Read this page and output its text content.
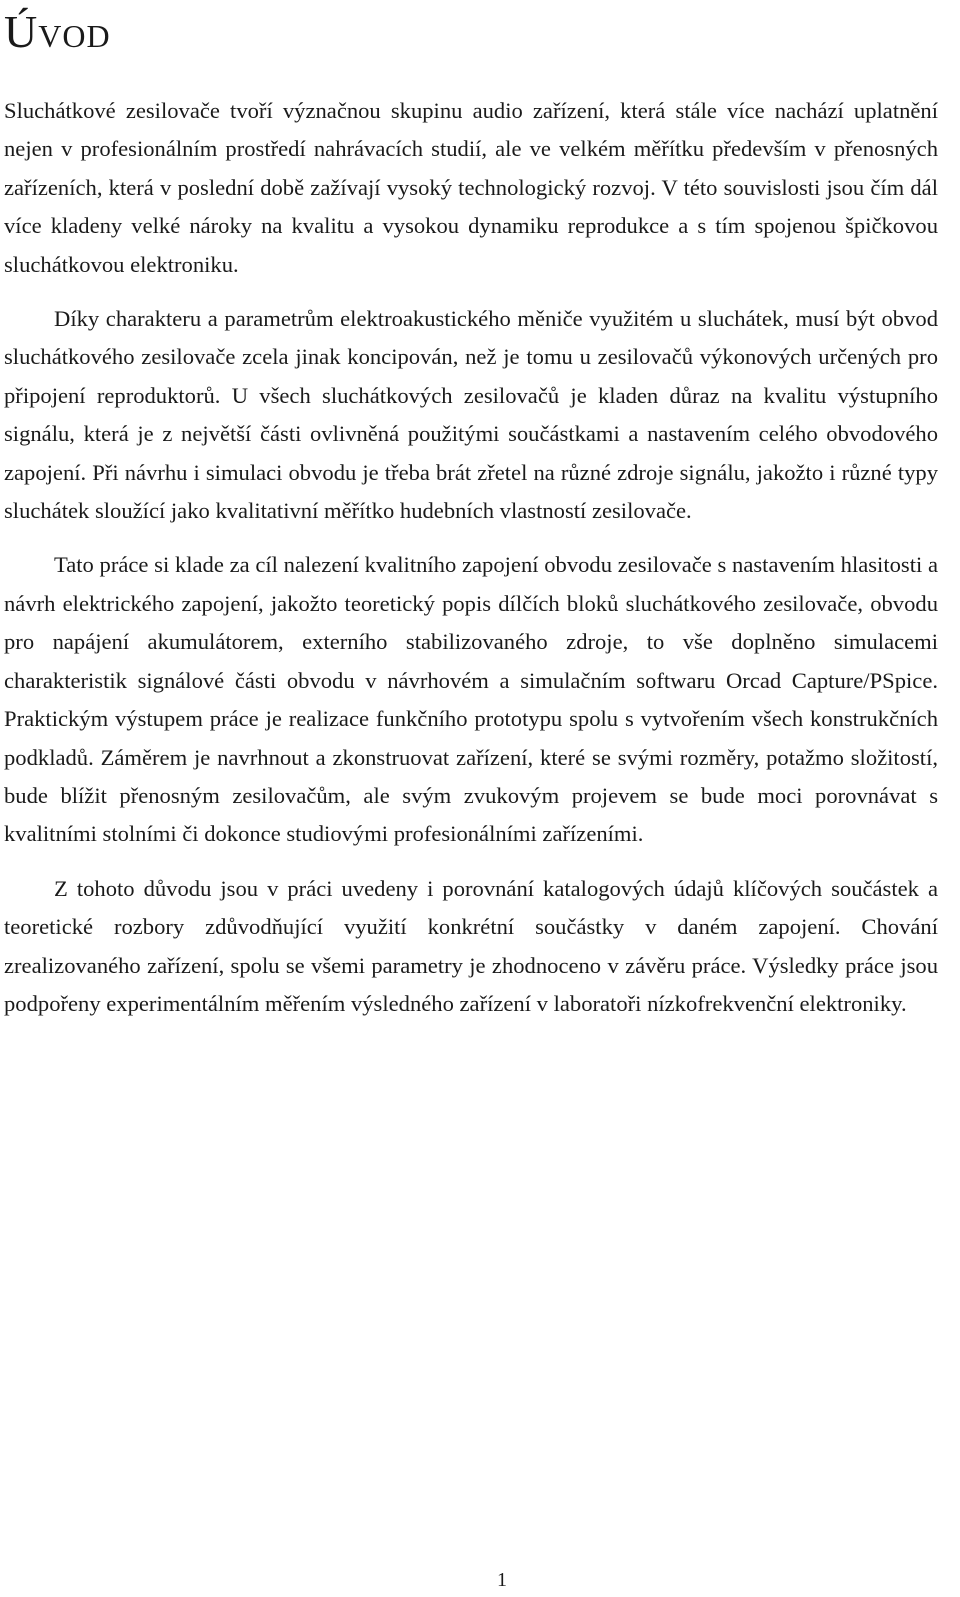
Úvod

Sluchátkové zesilovače tvoří význačnou skupinu audio zařízení, která stále více nachází uplatnění nejen v profesionálním prostředí nahrávacích studií, ale ve velkém měřítku především v přenosných zařízeních, která v poslední době zažívají vysoký technologický rozvoj. V této souvislosti jsou čím dál více kladeny velké nároky na kvalitu a vysokou dynamiku reprodukce a s tím spojenou špičkovou sluchátkovou elektroniku.

Díky charakteru a parametrům elektroakustického měniče využitém u sluchátek, musí být obvod sluchátkového zesilovače zcela jinak koncipován, než je tomu u zesilovačů výkonových určených pro připojení reproduktorů. U všech sluchátkových zesilovačů je kladen důraz na kvalitu výstupního signálu, která je z největší části ovlivněná použitými součástkami a nastavením celého obvodového zapojení. Při návrhu i simulaci obvodu je třeba brát zřetel na různé zdroje signálu, jakožto i různé typy sluchátek sloužící jako kvalitativní měřítko hudebních vlastností zesilovače.

Tato práce si klade za cíl nalezení kvalitního zapojení obvodu zesilovače s nastavením hlasitosti a návrh elektrického zapojení, jakožto teoretický popis dílčích bloků sluchátkového zesilovače, obvodu pro napájení akumulátorem, externího stabilizovaného zdroje, to vše doplněno simulacemi charakteristik signálové části obvodu v návrhovém a simulačním softwaru Orcad Capture/PSpice. Praktickým výstupem práce je realizace funkčního prototypu spolu s vytvořením všech konstrukčních podkladů. Záměrem je navrhnout a zkonstruovat zařízení, které se svými rozměry, potažmo složitostí, bude blížit přenosným zesilovačům, ale svým zvukovým projevem se bude moci porovnávat s kvalitními stolními či dokonce studiovými profesionálními zařízeními.

Z tohoto důvodu jsou v práci uvedeny i porovnání katalogových údajů klíčových součástek a teoretické rozbory zdůvodňující využití konkrétní součástky v daném zapojení. Chování zrealizovaného zařízení, spolu se všemi parametry je zhodnoceno v závěru práce. Výsledky práce jsou podpořeny experimentálním měřením výsledného zařízení v laboratoři nízkofrekvenční elektroniky.

1
